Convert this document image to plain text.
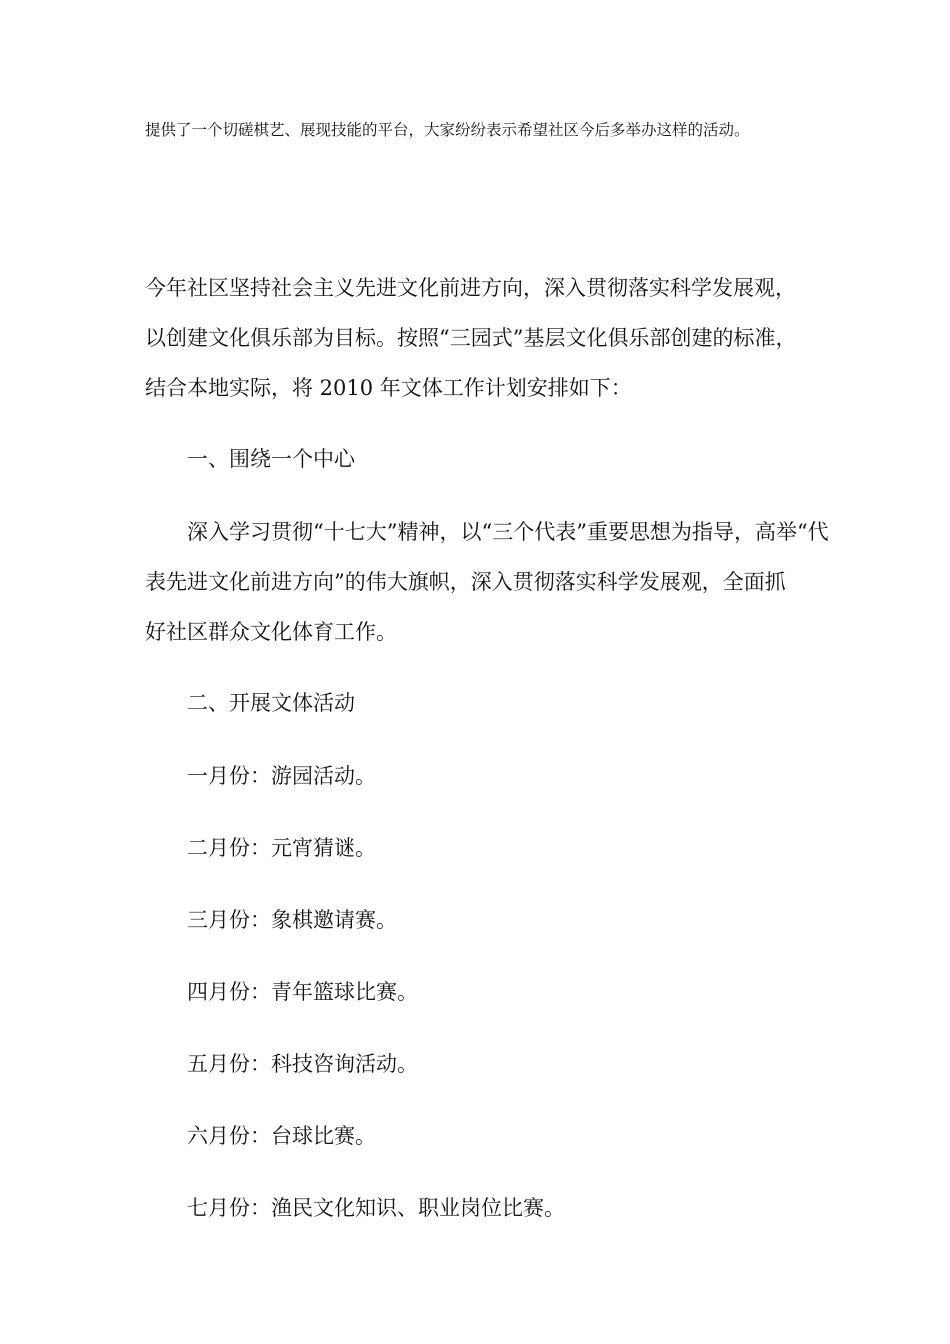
提供了一个切磋棋艺、展现技能的平台，大家纷纷表示希望社区今后多举办这样的活动。

今年社区坚持社会主义先进文化前进方向，深入贯彻落实科学发展观，

以创建文化俱乐部为目标。按照“三园式”基层文化俱乐部创建的标准，

结合本地实际，将 2010 年文体工作计划安排如下：

一、围绕一个中心

深入学习贯彻“十七大”精神，以“三个代表”重要思想为指导，高举“代

表先进文化前进方向”的伟大旗帜，深入贯彻落实科学发展观，全面抓

好社区群众文化体育工作。

二、开展文体活动

一月份：游园活动。

二月份：元宵猜谜。

三月份：象棋邀请赛。

四月份：青年篮球比赛。

五月份：科技咨询活动。

六月份：台球比赛。

七月份：渔民文化知识、职业岗位比赛。
